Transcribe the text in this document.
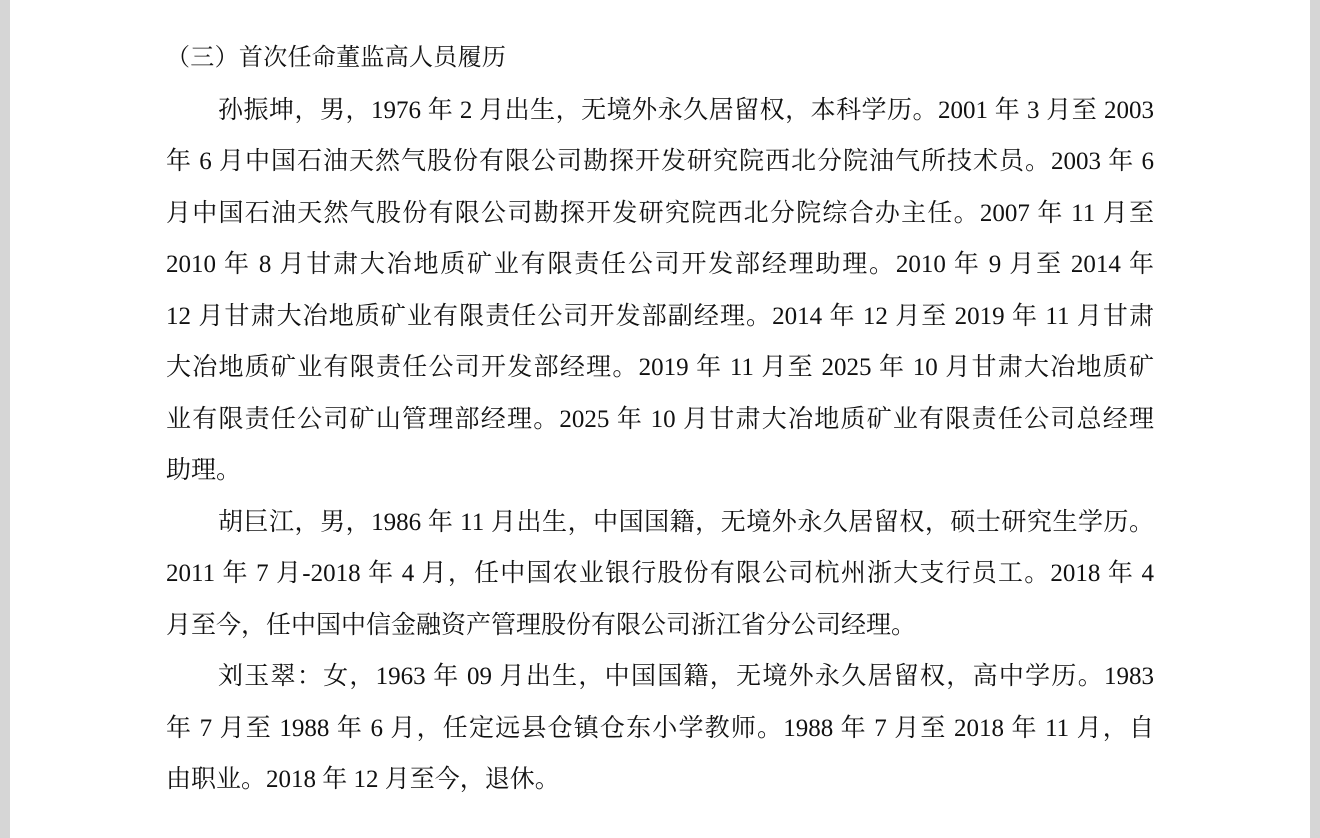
（三）首次任命董监高人员履历
孙振坤，男，1976 年 2 月出生，无境外永久居留权，本科学历。2001 年 3 月至 2003
年 6 月中国石油天然气股份有限公司勘探开发研究院西北分院油气所技术员。2003 年 6
月中国石油天然气股份有限公司勘探开发研究院西北分院综合办主任。2007 年 11 月至
2010 年 8 月甘肃大冶地质矿业有限责任公司开发部经理助理。2010 年 9 月至 2014 年
12 月甘肃大冶地质矿业有限责任公司开发部副经理。2014 年 12 月至 2019 年 11 月甘肃
大冶地质矿业有限责任公司开发部经理。2019 年 11 月至 2025 年 10 月甘肃大冶地质矿
业有限责任公司矿山管理部经理。2025 年 10 月甘肃大冶地质矿业有限责任公司总经理
助理。
胡巨江，男，1986 年 11 月出生，中国国籍，无境外永久居留权，硕士研究生学历。
2011 年 7 月-2018 年 4 月，任中国农业银行股份有限公司杭州浙大支行员工。2018 年 4
月至今，任中国中信金融资产管理股份有限公司浙江省分公司经理。
刘玉翠：女，1963 年 09 月出生，中国国籍，无境外永久居留权，高中学历。1983
年 7 月至 1988 年 6 月，任定远县仓镇仓东小学教师。1988 年 7 月至 2018 年 11 月，自
由职业。2018 年 12 月至今，退休。
